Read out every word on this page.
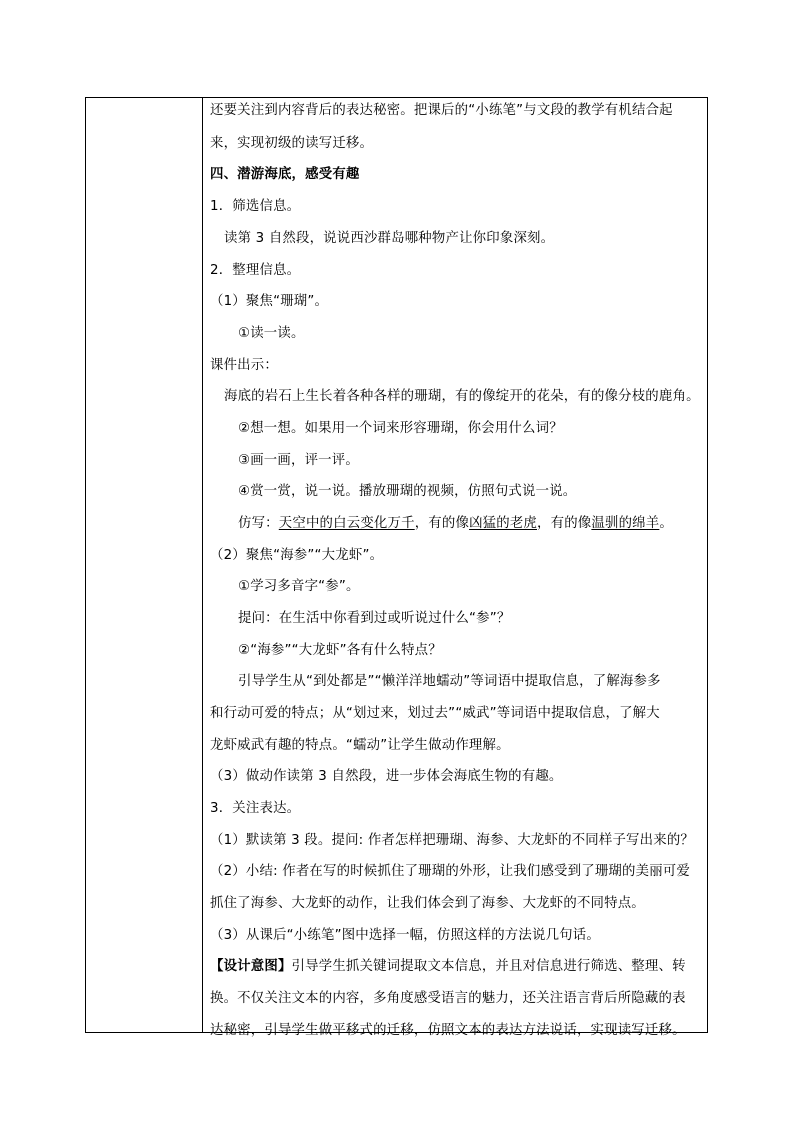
还要关注到内容背后的表达秘密。把课后的“小练笔”与文段的教学有机结合起
来，实现初级的读写迁移。
四、潜游海底，感受有趣
1．筛选信息。
读第 3 自然段，说说西沙群岛哪种物产让你印象深刻。
2．整理信息。
（1）聚焦“珊瑚”。
①读一读。
课件出示：
海底的岩石上生长着各种各样的珊瑚，有的像绽开的花朵，有的像分枝的鹿角。
②想一想。如果用一个词来形容珊瑚，你会用什么词？
③画一画，评一评。
④赏一赏，说一说。播放珊瑚的视频，仿照句式说一说。
仿写：天空中的白云变化万千，有的像凶猛的老虎，有的像温驯的绵羊。
（2）聚焦“海参”“大龙虾”。
①学习多音字“参”。
提问：在生活中你看到过或听说过什么“参”？
②“海参”“大龙虾”各有什么特点？
引导学生从“到处都是”“懒洋洋地蠕动”等词语中提取信息，了解海参多
和行动可爱的特点；从“划过来，划过去”“威武”等词语中提取信息，了解大
龙虾威武有趣的特点。“蠕动”让学生做动作理解。
（3）做动作读第 3 自然段，进一步体会海底生物的有趣。
3．关注表达。
（1）默读第 3 段。提问: 作者怎样把珊瑚、海参、大龙虾的不同样子写出来的？
（2）小结: 作者在写的时候抓住了珊瑚的外形，让我们感受到了珊瑚的美丽可爱
抓住了海参、大龙虾的动作，让我们体会到了海参、大龙虾的不同特点。
（3）从课后“小练笔”图中选择一幅，仿照这样的方法说几句话。
【设计意图】引导学生抓关键词提取文本信息，并且对信息进行筛选、整理、转
换。不仅关注文本的内容，多角度感受语言的魅力，还关注语言背后所隐藏的表
达秘密，引导学生做平移式的迁移，仿照文本的表达方法说话，实现读写迁移。
